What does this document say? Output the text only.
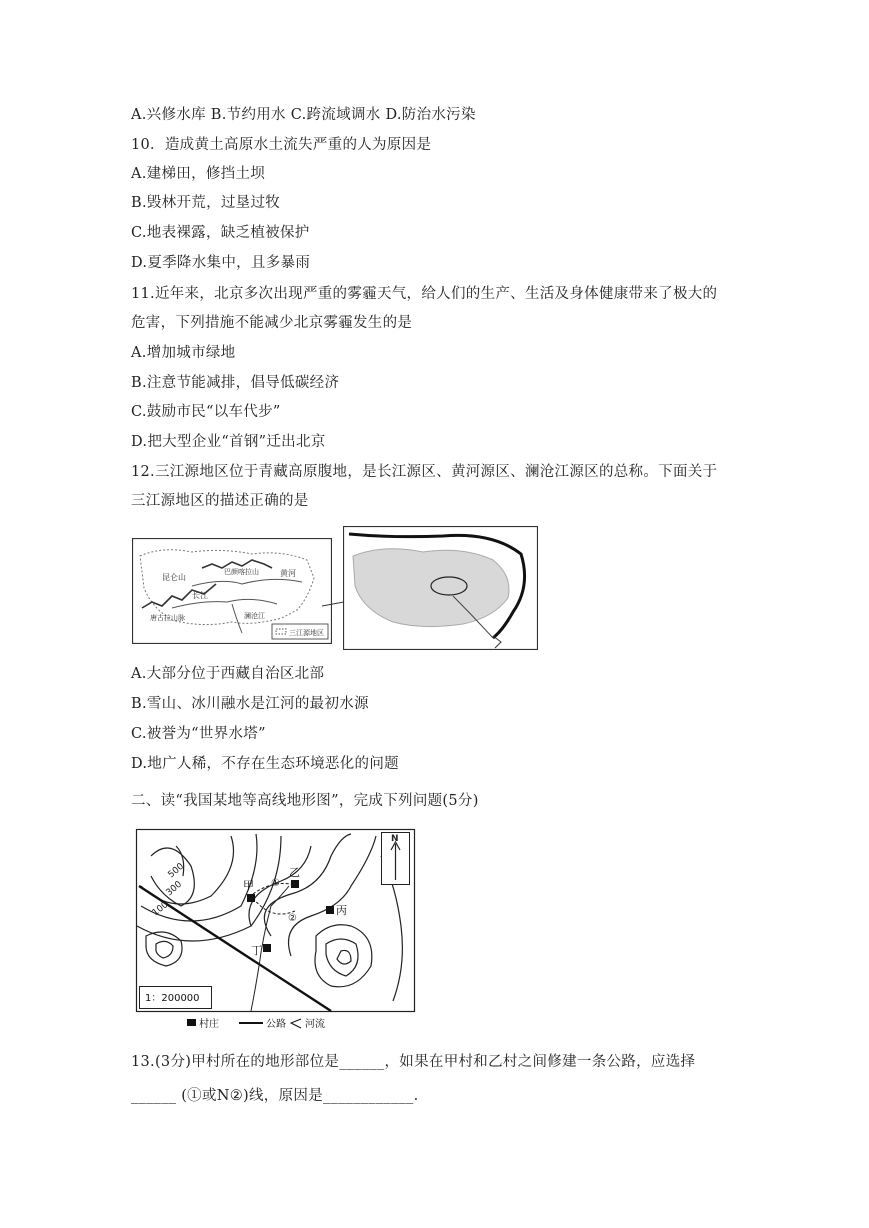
A.兴修水库 B.节约用水 C.跨流域调水 D.防治水污染
10．造成黄土高原水土流失严重的人为原因是
A.建梯田，修挡土坝
B.毁林开荒，过垦过牧
C.地表裸露，缺乏植被保护
D.夏季降水集中，且多暴雨
11.近年来，北京多次出现严重的雾霾天气，给人们的生产、生活及身体健康带来了极大的
危害，下列措施不能减少北京雾霾发生的是
A.增加城市绿地
B.注意节能减排，倡导低碳经济
C.鼓励市民“以车代步”
D.把大型企业“首钢”迁出北京
12.三江源地区位于青藏高原腹地，是长江源区、黄河源区、澜沧江源区的总称。下面关于
三江源地区的描述正确的是
昆仑山
巴颜喀拉山	黄河
长江
唐古拉山脉	澜沧江
三江源地区
A.大部分位于西藏自治区北部
B.雪山、冰川融水是江河的最初水源
C.被誉为“世界水塔”
D.地广人稀，不存在生态环境恶化的问题
二、读“我国某地等高线地形图”，完成下列问题(5分)
N
500
300
100
甲
乙
丙
丁
①
②
1：200000
村庄	公路 河流
13.(3分)甲村所在的地形部位是______，如果在甲村和乙村之间修建一条公路，应选择
______ (①或N②)线，原因是____________.
